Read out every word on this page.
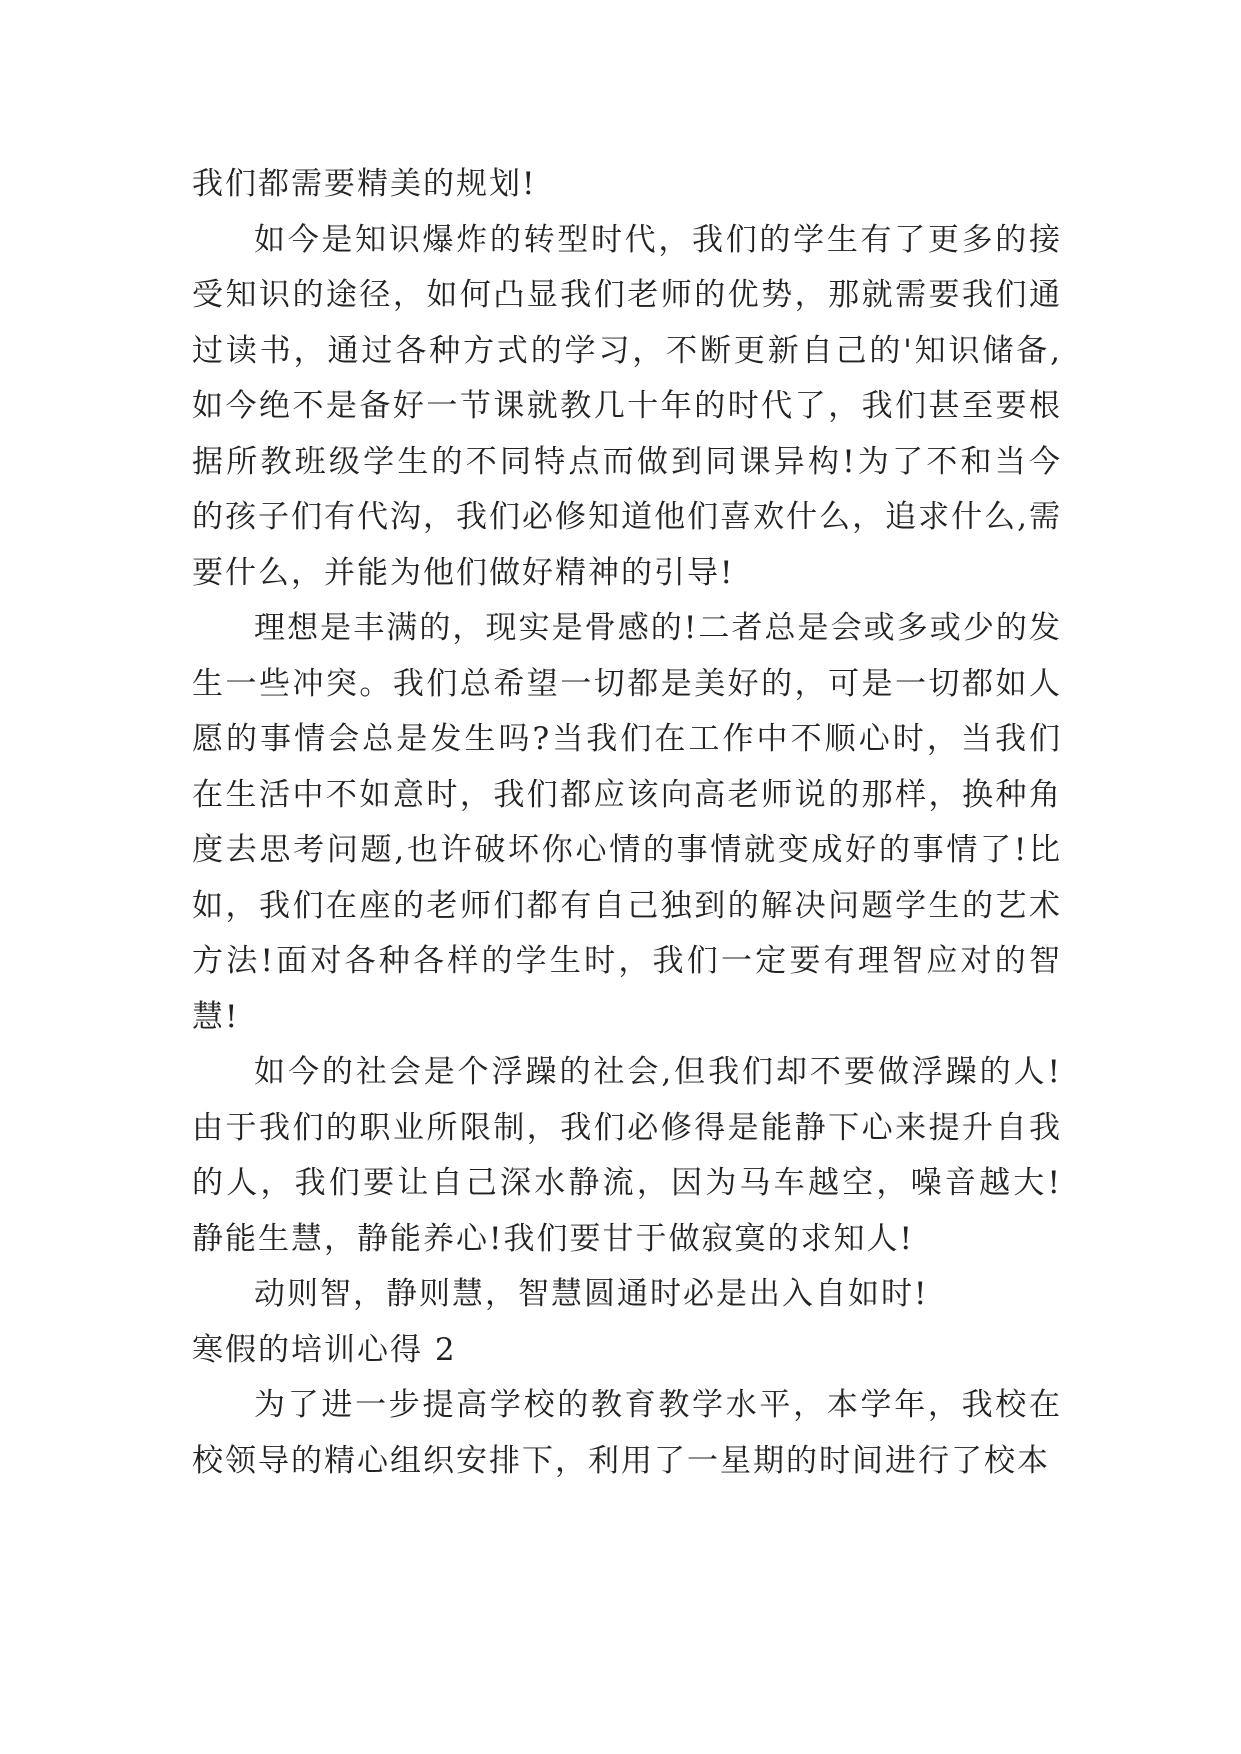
我们都需要精美的规划!

如今是知识爆炸的转型时代，我们的学生有了更多的接受知识的途径，如何凸显我们老师的优势，那就需要我们通过读书，通过各种方式的学习，不断更新自己的'知识储备,如今绝不是备好一节课就教几十年的时代了，我们甚至要根据所教班级学生的不同特点而做到同课异构!为了不和当今的孩子们有代沟，我们必修知道他们喜欢什么，追求什么,需要什么，并能为他们做好精神的引导!

理想是丰满的，现实是骨感的!二者总是会或多或少的发生一些冲突。我们总希望一切都是美好的，可是一切都如人愿的事情会总是发生吗?当我们在工作中不顺心时，当我们在生活中不如意时，我们都应该向高老师说的那样，换种角度去思考问题,也许破坏你心情的事情就变成好的事情了!比如，我们在座的老师们都有自己独到的解决问题学生的艺术方法!面对各种各样的学生时，我们一定要有理智应对的智慧!

如今的社会是个浮躁的社会,但我们却不要做浮躁的人!由于我们的职业所限制，我们必修得是能静下心来提升自我的人，我们要让自己深水静流，因为马车越空，噪音越大!静能生慧，静能养心!我们要甘于做寂寞的求知人!

动则智，静则慧，智慧圆通时必是出入自如时!

寒假的培训心得 2

为了进一步提高学校的教育教学水平，本学年，我校在校领导的精心组织安排下，利用了一星期的时间进行了校本
